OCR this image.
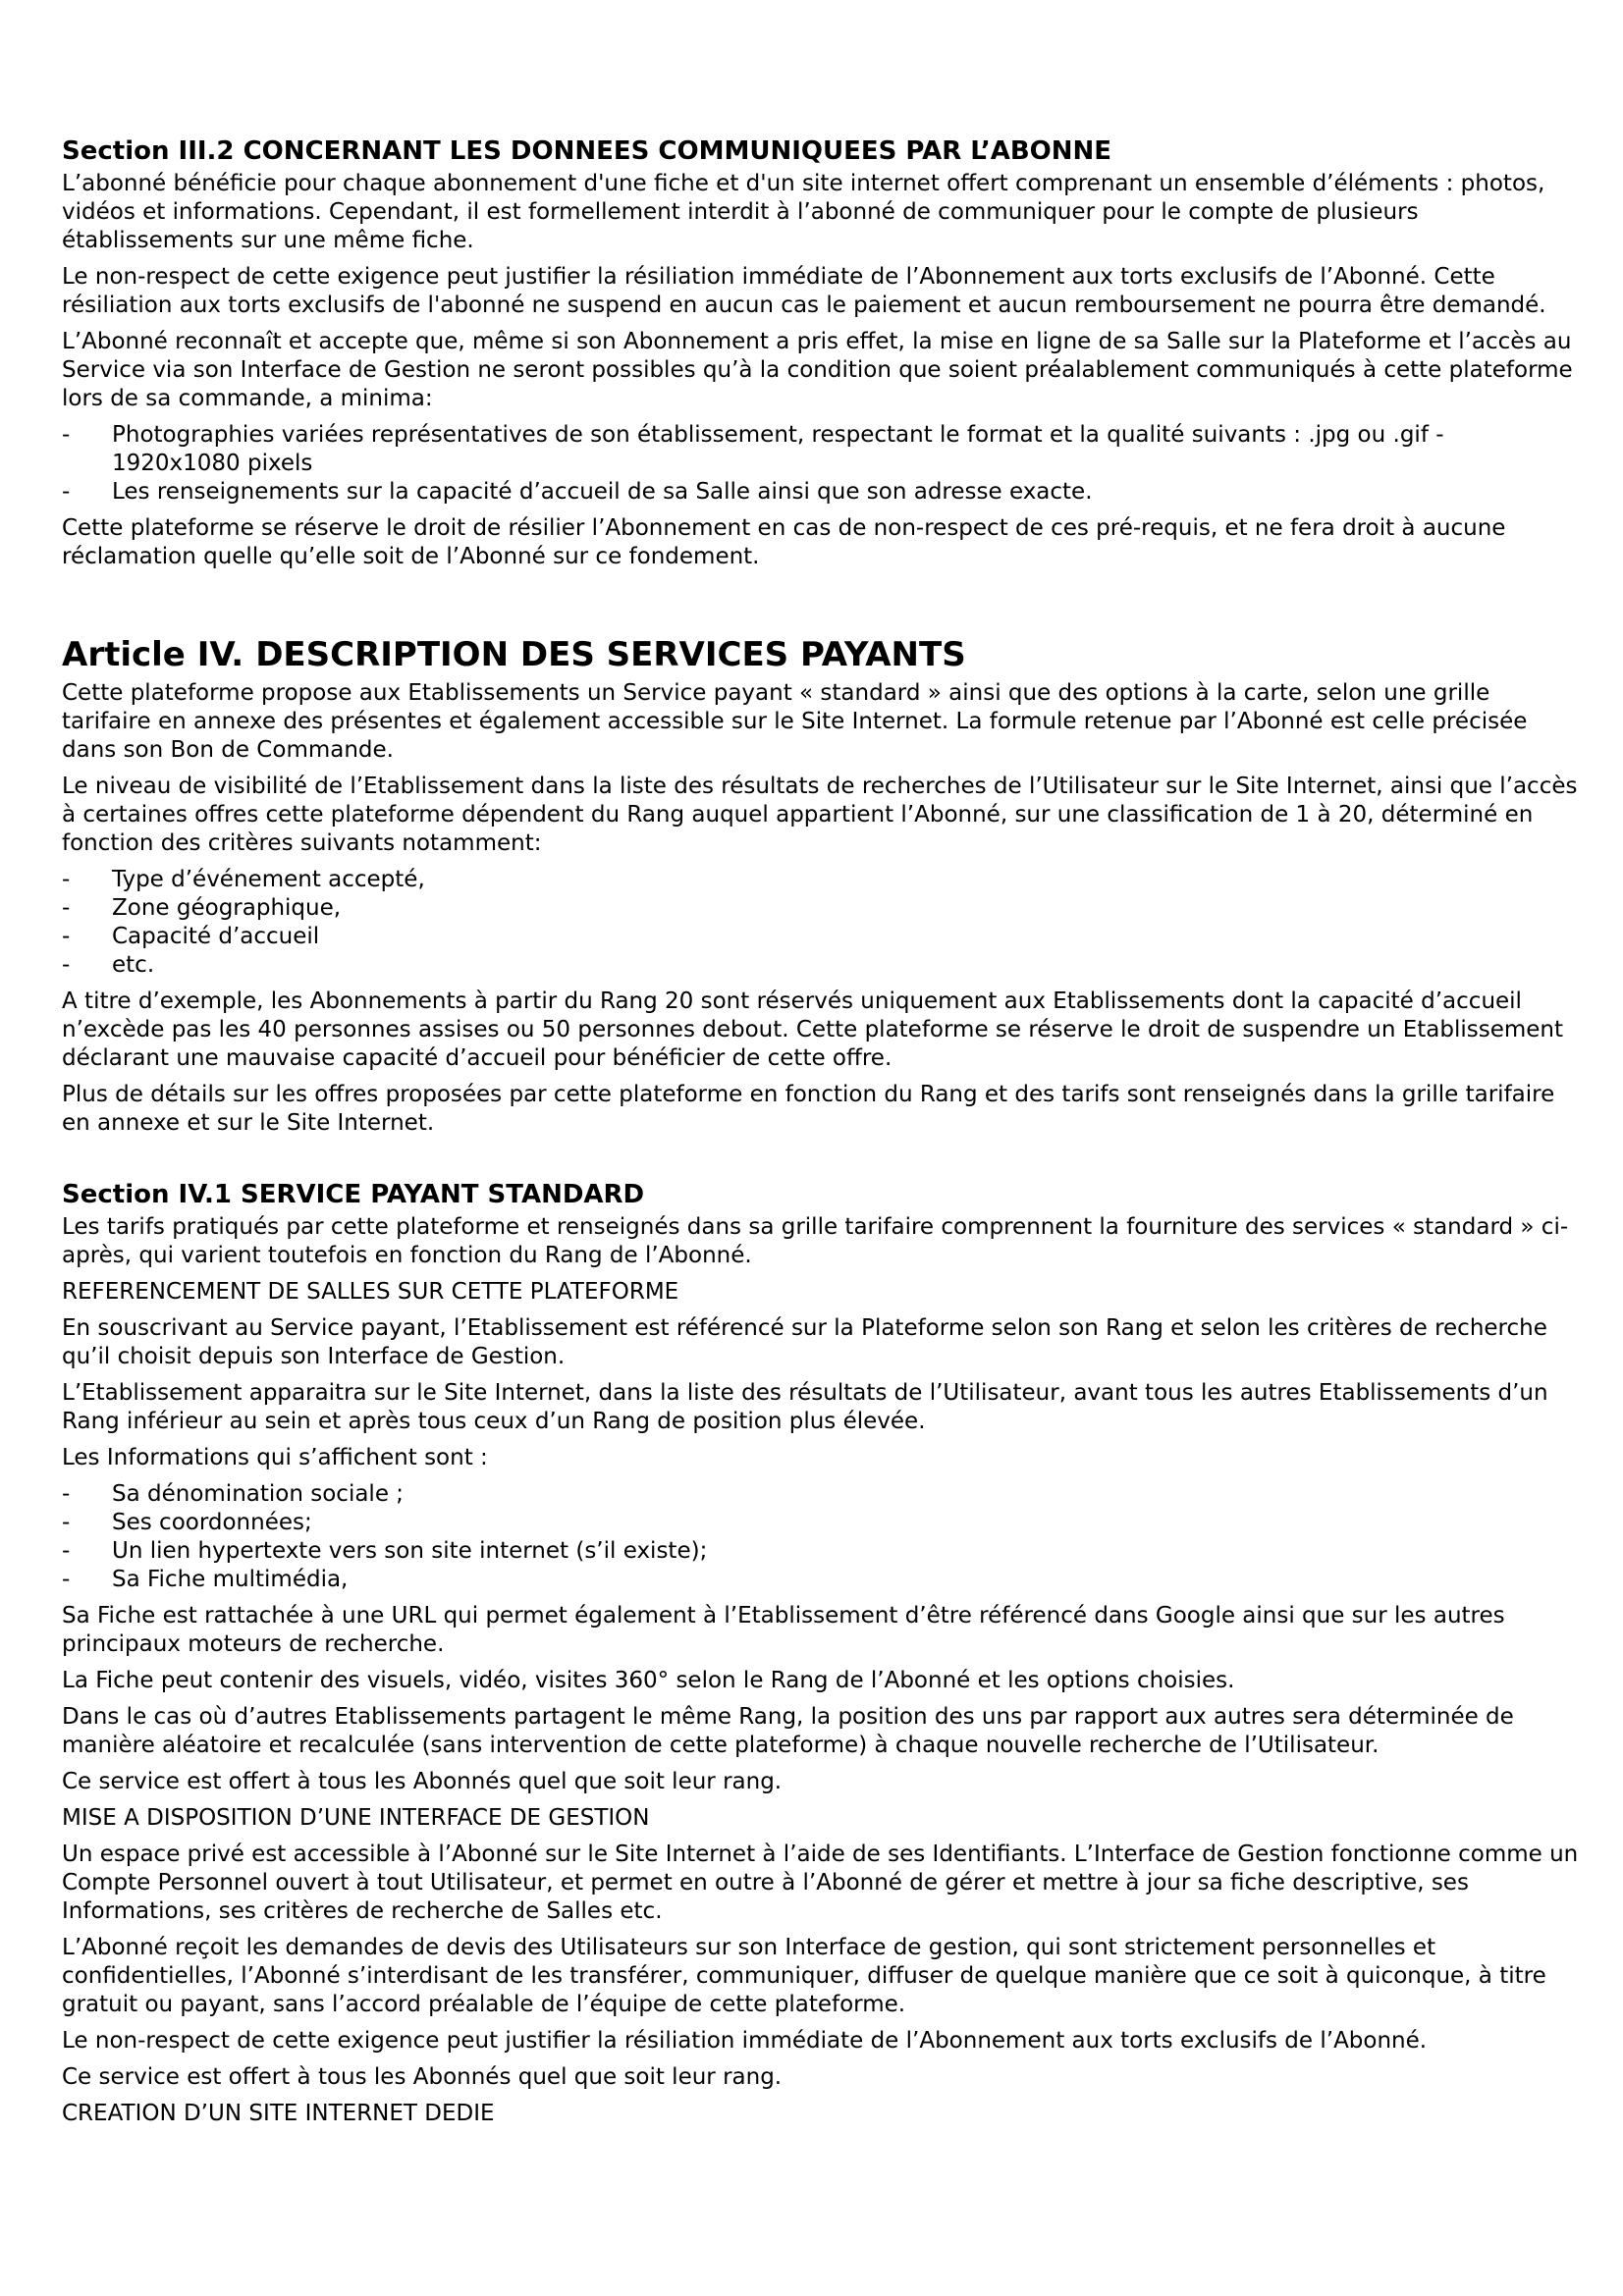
Section III.2 CONCERNANT LES DONNEES COMMUNIQUEES PAR L’ABONNE

L’abonné bénéficie pour chaque abonnement d'une fiche et d'un site internet offert comprenant un ensemble d’éléments : photos, vidéos et informations. Cependant, il est formellement interdit à l’abonné de communiquer pour le compte de plusieurs établissements sur une même fiche.

Le non-respect de cette exigence peut justifier la résiliation immédiate de l’Abonnement aux torts exclusifs de l’Abonné. Cette résiliation aux torts exclusifs de l'abonné ne suspend en aucun cas le paiement et aucun remboursement ne pourra être demandé.

L’Abonné reconnaît et accepte que, même si son Abonnement a pris effet, la mise en ligne de sa Salle sur la Plateforme et l’accès au Service via son Interface de Gestion ne seront possibles qu’à la condition que soient préalablement communiqués à cette plateforme lors de sa commande, a minima:

- Photographies variées représentatives de son établissement, respectant le format et la qualité suivants : .jpg ou .gif - 1920x1080 pixels
- Les renseignements sur la capacité d’accueil de sa Salle ainsi que son adresse exacte.

Cette plateforme se réserve le droit de résilier l’Abonnement en cas de non-respect de ces pré-requis, et ne fera droit à aucune réclamation quelle qu’elle soit de l’Abonné sur ce fondement.

Article IV. DESCRIPTION DES SERVICES PAYANTS

Cette plateforme propose aux Etablissements un Service payant « standard » ainsi que des options à la carte, selon une grille tarifaire en annexe des présentes et également accessible sur le Site Internet. La formule retenue par l’Abonné est celle précisée dans son Bon de Commande.

Le niveau de visibilité de l’Etablissement dans la liste des résultats de recherches de l’Utilisateur sur le Site Internet, ainsi que l’accès à certaines offres cette plateforme dépendent du Rang auquel appartient l’Abonné, sur une classification de 1 à 20, déterminé en fonction des critères suivants notamment:

- Type d’événement accepté,
- Zone géographique,
- Capacité d’accueil
- etc.

A titre d’exemple, les Abonnements à partir du Rang 20 sont réservés uniquement aux Etablissements dont la capacité d’accueil n’excède pas les 40 personnes assises ou 50 personnes debout. Cette plateforme se réserve le droit de suspendre un Etablissement déclarant une mauvaise capacité d’accueil pour bénéficier de cette offre.

Plus de détails sur les offres proposées par cette plateforme en fonction du Rang et des tarifs sont renseignés dans la grille tarifaire en annexe et sur le Site Internet.

Section IV.1 SERVICE PAYANT STANDARD

Les tarifs pratiqués par cette plateforme et renseignés dans sa grille tarifaire comprennent la fourniture des services « standard » ci-après, qui varient toutefois en fonction du Rang de l’Abonné.

REFERENCEMENT DE SALLES SUR CETTE PLATEFORME

En souscrivant au Service payant, l’Etablissement est référencé sur la Plateforme selon son Rang et selon les critères de recherche qu’il choisit depuis son Interface de Gestion.

L’Etablissement apparaitra sur le Site Internet, dans la liste des résultats de l’Utilisateur, avant tous les autres Etablissements d’un Rang inférieur au sein et après tous ceux d’un Rang de position plus élevée.

Les Informations qui s’affichent sont :

- Sa dénomination sociale ;
- Ses coordonnées;
- Un lien hypertexte vers son site internet (s’il existe);
- Sa Fiche multimédia,

Sa Fiche est rattachée à une URL qui permet également à l’Etablissement d’être référencé dans Google ainsi que sur les autres principaux moteurs de recherche.

La Fiche peut contenir des visuels, vidéo, visites 360° selon le Rang de l’Abonné et les options choisies.

Dans le cas où d’autres Etablissements partagent le même Rang, la position des uns par rapport aux autres sera déterminée de manière aléatoire et recalculée (sans intervention de cette plateforme) à chaque nouvelle recherche de l’Utilisateur.

Ce service est offert à tous les Abonnés quel que soit leur rang.

MISE A DISPOSITION D’UNE INTERFACE DE GESTION

Un espace privé est accessible à l’Abonné sur le Site Internet à l’aide de ses Identifiants. L’Interface de Gestion fonctionne comme un Compte Personnel ouvert à tout Utilisateur, et permet en outre à l’Abonné de gérer et mettre à jour sa fiche descriptive, ses Informations, ses critères de recherche de Salles etc.

L’Abonné reçoit les demandes de devis des Utilisateurs sur son Interface de gestion, qui sont strictement personnelles et confidentielles, l’Abonné s’interdisant de les transférer, communiquer, diffuser de quelque manière que ce soit à quiconque, à titre gratuit ou payant, sans l’accord préalable de l’équipe de cette plateforme.

Le non-respect de cette exigence peut justifier la résiliation immédiate de l’Abonnement aux torts exclusifs de l’Abonné.

Ce service est offert à tous les Abonnés quel que soit leur rang.

CREATION D’UN SITE INTERNET DEDIE
